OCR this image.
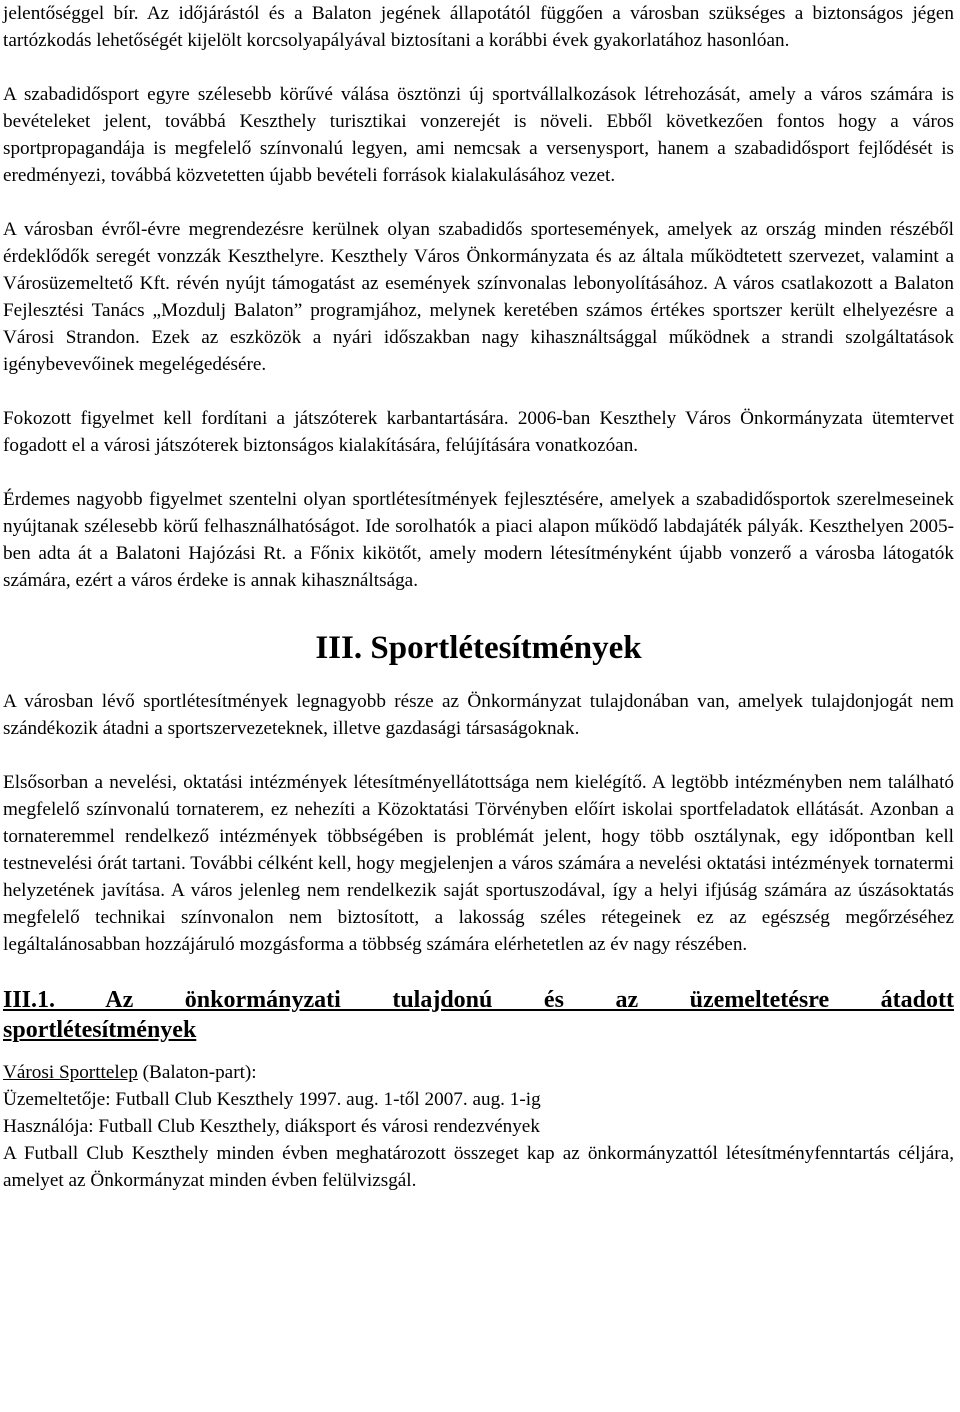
jelentőséggel bír. Az időjárástól és a Balaton jegének állapotától függően a városban szükséges a biztonságos jégen tartózkodás lehetőségét kijelölt korcsolyapályával biztosítani a korábbi évek gyakorlatához hasonlóan.

A szabadidősport egyre szélesebb körűvé válása ösztönzi új sportvállalkozások létrehozását, amely a város számára is bevételeket jelent, továbbá Keszthely turisztikai vonzerejét is növeli. Ebből következően fontos hogy a város sportpropagandája is megfelelő színvonalú legyen, ami nemcsak a versenysport, hanem a szabadidősport fejlődését is eredményezi, továbbá közvetetten újabb bevételi források kialakulásához vezet.

A városban évről-évre megrendezésre kerülnek olyan szabadidős sportesemények, amelyek az ország minden részéből érdeklődők seregét vonzzák Keszthelyre. Keszthely Város Önkormányzata és az általa működtetett szervezet, valamint a Városüzemeltető Kft. révén nyújt támogatást az események színvonalas lebonyolításához. A város csatlakozott a Balaton Fejlesztési Tanács „Mozdulj Balaton” programjához, melynek keretében számos értékes sportszer került elhelyezésre a Városi Strandon. Ezek az eszközök a nyári időszakban nagy kihasználtsággal működnek a strandi szolgáltatások igénybevevőinek megelégedésére.

Fokozott figyelmet kell fordítani a játszóterek karbantartására. 2006-ban Keszthely Város Önkormányzata ütemtervet fogadott el a városi játszóterek biztonságos kialakítására, felújítására vonatkozóan.

Érdemes nagyobb figyelmet szentelni olyan sportlétesítmények fejlesztésére, amelyek a szabadidősportok szerelmeseinek nyújtanak szélesebb körű felhasználhatóságot. Ide sorolhatók a piaci alapon működő labdajáték pályák. Keszthelyen 2005-ben adta át a Balatoni Hajózási Rt. a Főnix kikötőt, amely modern létesítményként újabb vonzerő a városba látogatók számára, ezért a város érdeke is annak kihasználtsága.

III. Sportlétesítmények

A városban lévő sportlétesítmények legnagyobb része az Önkormányzat tulajdonában van, amelyek tulajdonjogát nem szándékozik átadni a sportszervezeteknek, illetve gazdasági társaságoknak.

Elsősorban a nevelési, oktatási intézmények létesítményellátottsága nem kielégítő. A legtöbb intézményben nem található megfelelő színvonalú tornaterem, ez nehezíti a Közoktatási Törvényben előírt iskolai sportfeladatok ellátását. Azonban a tornateremmel rendelkező intézmények többségében is problémát jelent, hogy több osztálynak, egy időpontban kell testnevelési órát tartani. További célként kell, hogy megjelenjen a város számára a nevelési oktatási intézmények tornatermi helyzetének javítása. A város jelenleg nem rendelkezik saját sportuszodával, így a helyi ifjúság számára az úszásoktatás megfelelő technikai színvonalon nem biztosított, a lakosság széles rétegeinek ez az egészség megőrzéséhez legáltalánosabban hozzájáruló mozgásforma a többség számára elérhetetlen az év nagy részében.

III.1. Az önkormányzati tulajdonú és az üzemeltetésre átadott
sportlétesítmények

Városi Sporttelep (Balaton-part):

Üzemeltetője: Futball Club Keszthely 1997. aug. 1-től 2007. aug. 1-ig

Használója: Futball Club Keszthely, diáksport és városi rendezvények

A Futball Club Keszthely minden évben meghatározott összeget kap az önkormányzattól létesítményfenntartás céljára, amelyet az Önkormányzat minden évben felülvizsgál.
